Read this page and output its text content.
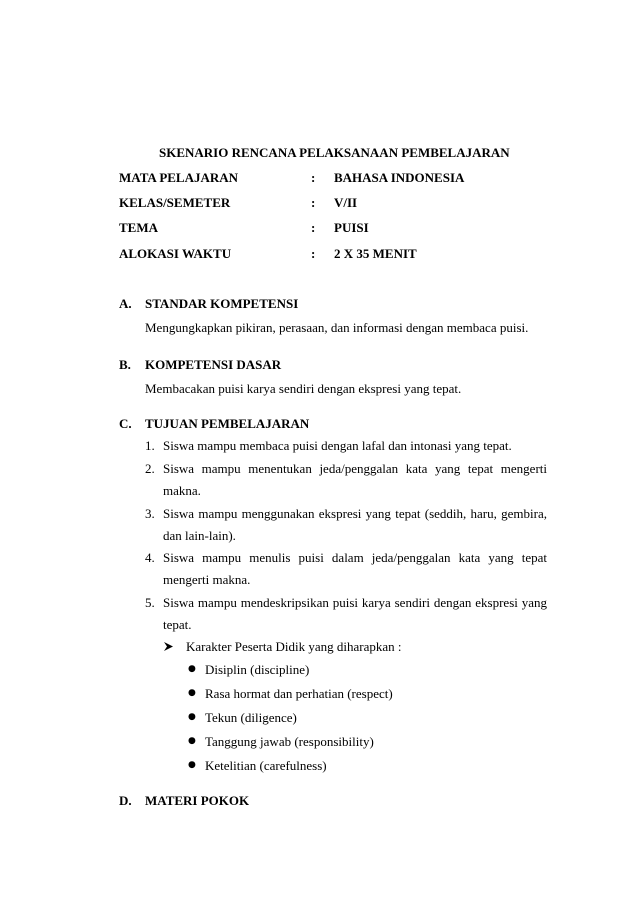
SKENARIO RENCANA PELAKSANAAN PEMBELAJARAN
MATA PELAJARAN	: BAHASA INDONESIA
KELAS/SEMETER	: V/II
TEMA	: PUISI
ALOKASI WAKTU	: 2 X 35 MENIT
A. STANDAR KOMPETENSI
Mengungkapkan pikiran, perasaan, dan informasi dengan membaca puisi.
B. KOMPETENSI DASAR
Membacakan puisi karya sendiri dengan ekspresi yang tepat.
C. TUJUAN PEMBELAJARAN
1. Siswa mampu membaca puisi dengan lafal dan intonasi yang tepat.
2. Siswa mampu menentukan jeda/penggalan kata yang tepat mengerti
makna.
3. Siswa mampu menggunakan ekspresi yang tepat (seddih, haru, gembira,
dan lain-lain).
4. Siswa mampu menulis puisi dalam jeda/penggalan kata yang tepat
mengerti makna.
5. Siswa mampu mendeskripsikan puisi karya sendiri dengan ekspresi yang
tepat.
Karakter Peserta Didik yang diharapkan :
● Disiplin (discipline)
● Rasa hormat dan perhatian (respect)
● Tekun (diligence)
● Tanggung jawab (responsibility)
● Ketelitian (carefulness)
D. MATERI POKOK
